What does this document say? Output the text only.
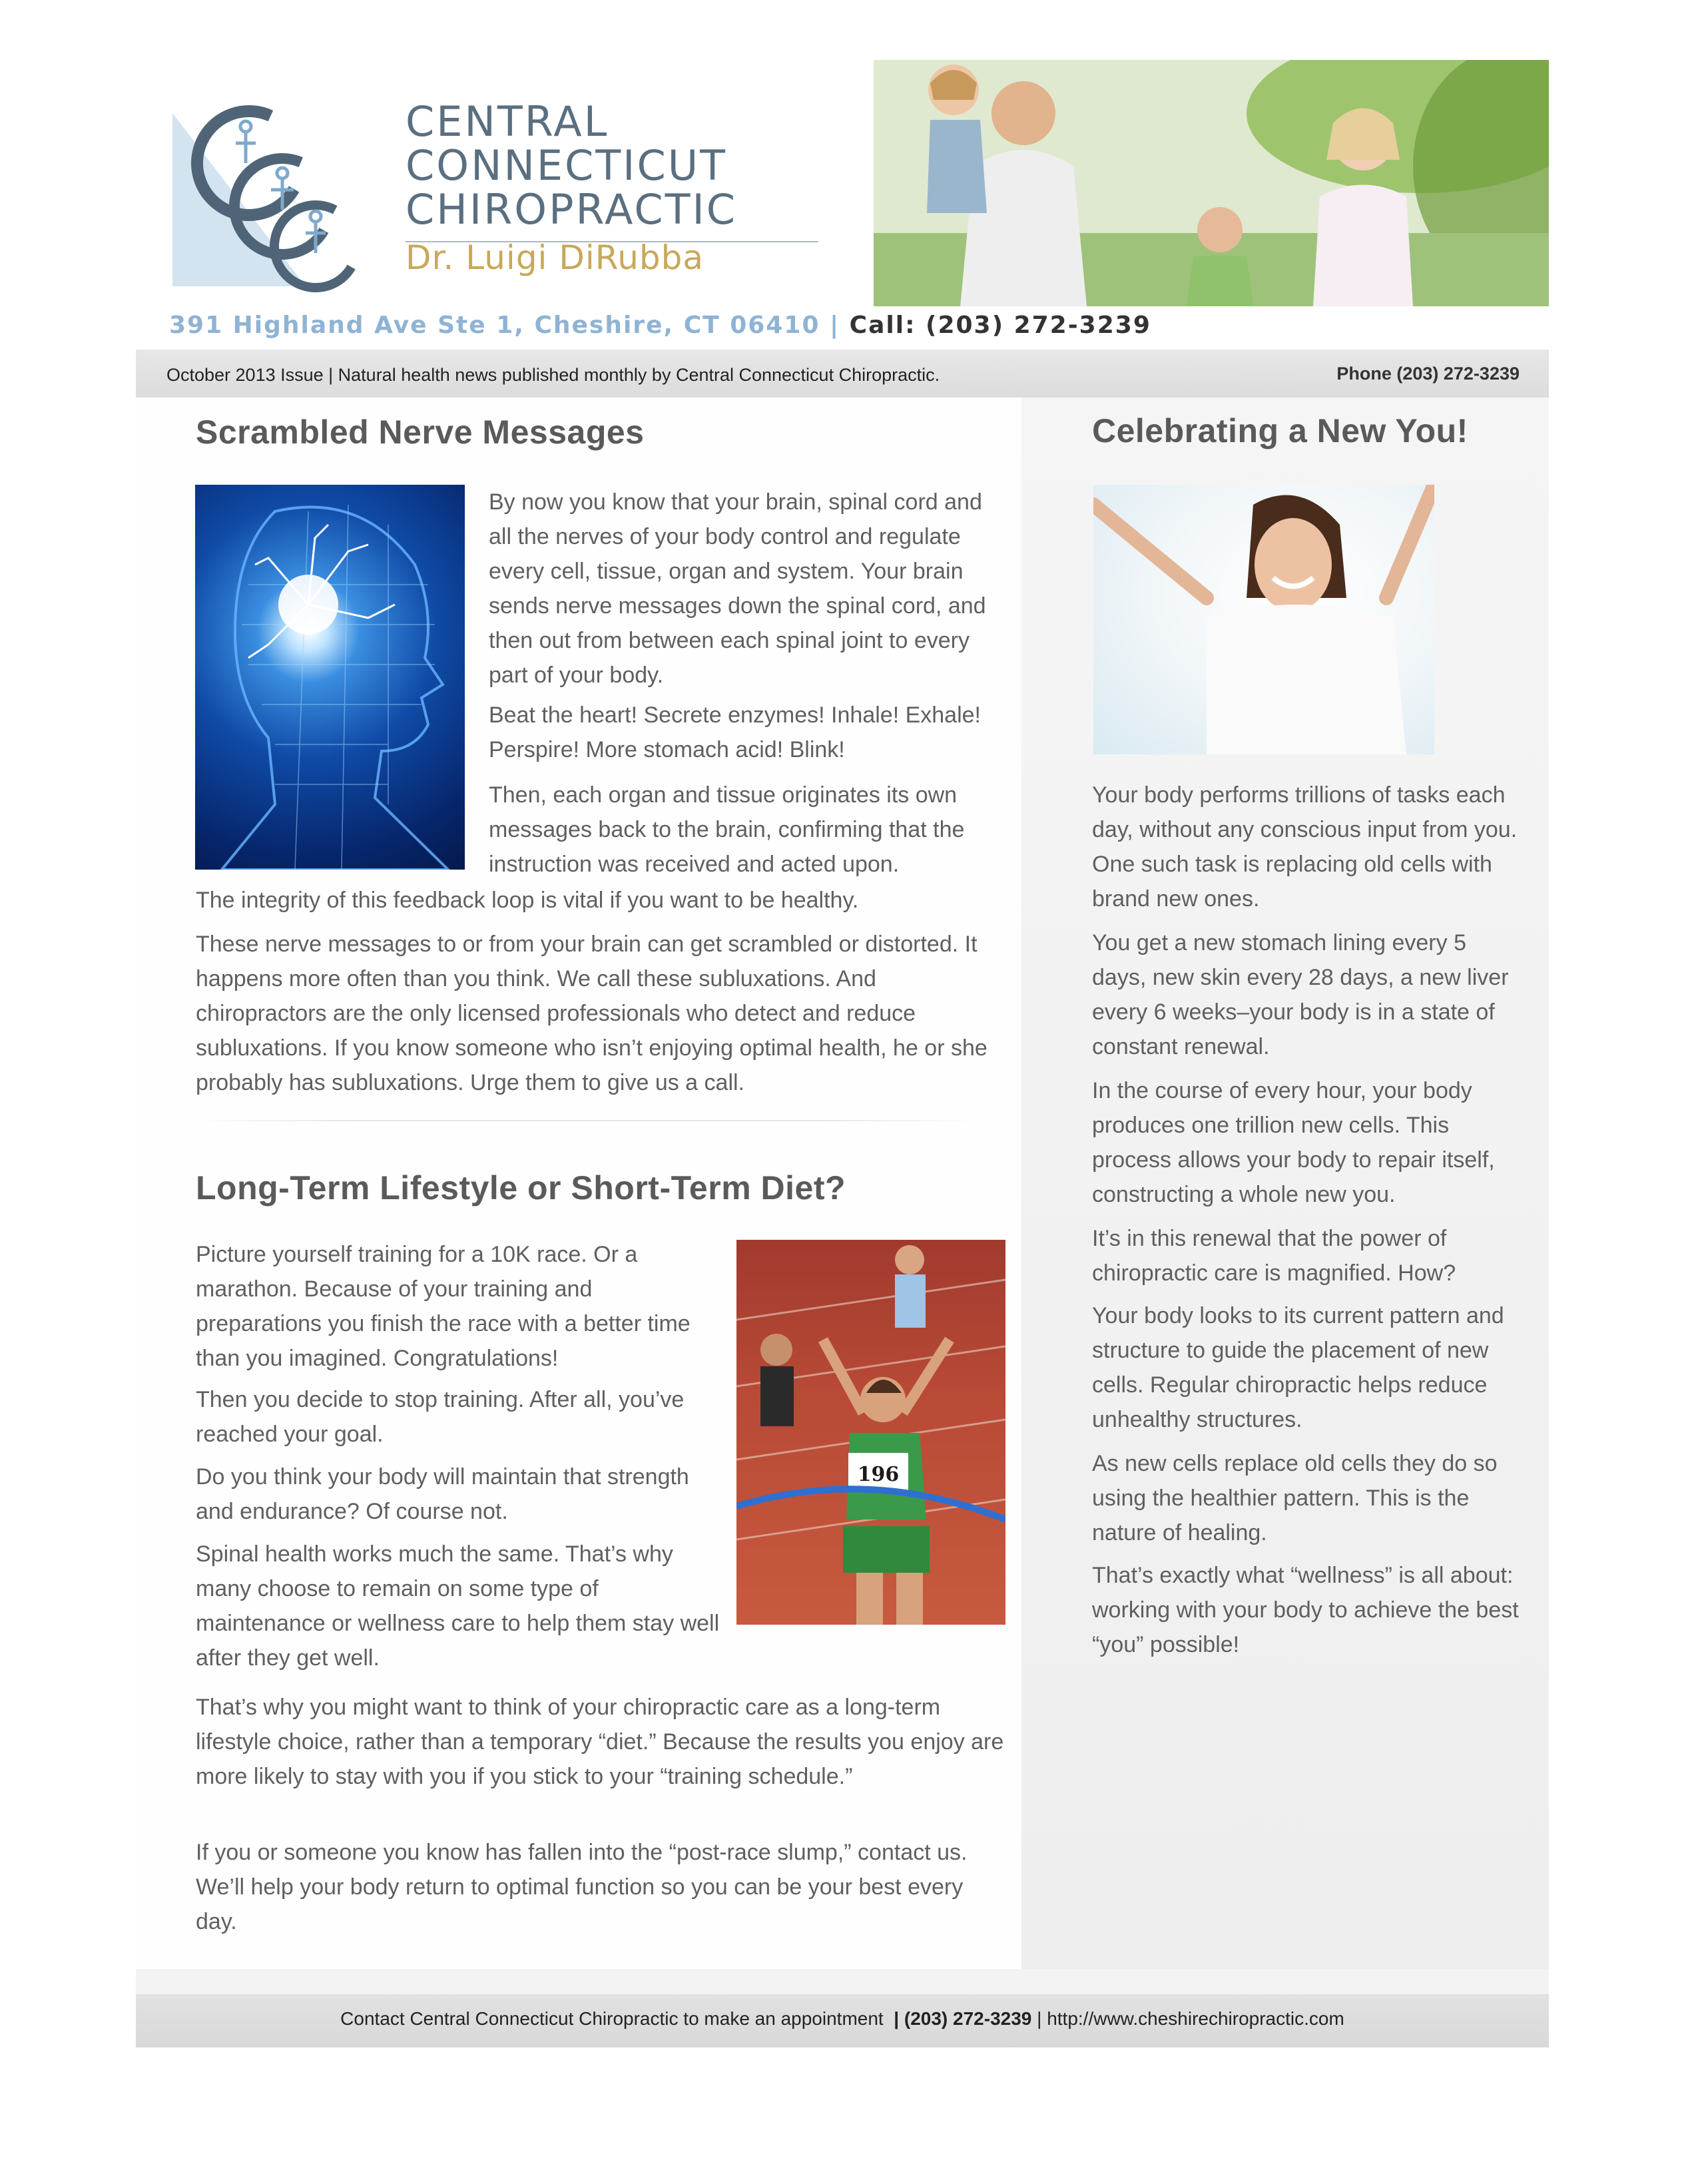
CENTRAL
CONNECTICUT
CHIROPRACTIC
Dr. Luigi DiRubba
391 Highland Ave Ste 1, Cheshire, CT 06410 | Call: (203) 272-3239
October 2013 Issue | Natural health news published monthly by Central Connecticut Chiropractic.	Phone (203) 272-3239
Scrambled Nerve Messages

By now you know that your brain, spinal cord and all the nerves of your body control and regulate every cell, tissue, organ and system. Your brain sends nerve messages down the spinal cord, and then out from between each spinal joint to every part of your body.

Beat the heart! Secrete enzymes! Inhale! Exhale! Perspire! More stomach acid! Blink!

Then, each organ and tissue originates its own messages back to the brain, confirming that the instruction was received and acted upon.

The integrity of this feedback loop is vital if you want to be healthy.

These nerve messages to or from your brain can get scrambled or distorted. It happens more often than you think. We call these subluxations. And chiropractors are the only licensed professionals who detect and reduce subluxations. If you know someone who isn’t enjoying optimal health, he or she probably has subluxations. Urge them to give us a call.

Long-Term Lifestyle or Short-Term Diet?

Picture yourself training for a 10K race. Or a marathon. Because of your training and preparations you finish the race with a better time than you imagined. Congratulations!

Then you decide to stop training. After all, you’ve reached your goal.

Do you think your body will maintain that strength and endurance? Of course not.

Spinal health works much the same. That’s why many choose to remain on some type of maintenance or wellness care to help them stay well after they get well.

That’s why you might want to think of your chiropractic care as a long-term lifestyle choice, rather than a temporary “diet.” Because the results you enjoy are more likely to stay with you if you stick to your “training schedule.”

If you or someone you know has fallen into the “post-race slump,” contact us. We’ll help your body return to optimal function so you can be your best every day.

196
Celebrating a New You!

Your body performs trillions of tasks each day, without any conscious input from you. One such task is replacing old cells with brand new ones.

You get a new stomach lining every 5 days, new skin every 28 days, a new liver every 6 weeks–your body is in a state of constant renewal.

In the course of every hour, your body produces one trillion new cells. This process allows your body to repair itself, constructing a whole new you.

It’s in this renewal that the power of chiropractic care is magnified. How?

Your body looks to its current pattern and structure to guide the placement of new cells. Regular chiropractic helps reduce unhealthy structures.

As new cells replace old cells they do so using the healthier pattern. This is the nature of healing.

That’s exactly what “wellness” is all about: working with your body to achieve the best “you” possible!

Contact Central Connecticut Chiropractic to make an appointment | (203) 272-3239 | http://www.cheshirechiropractic.com
